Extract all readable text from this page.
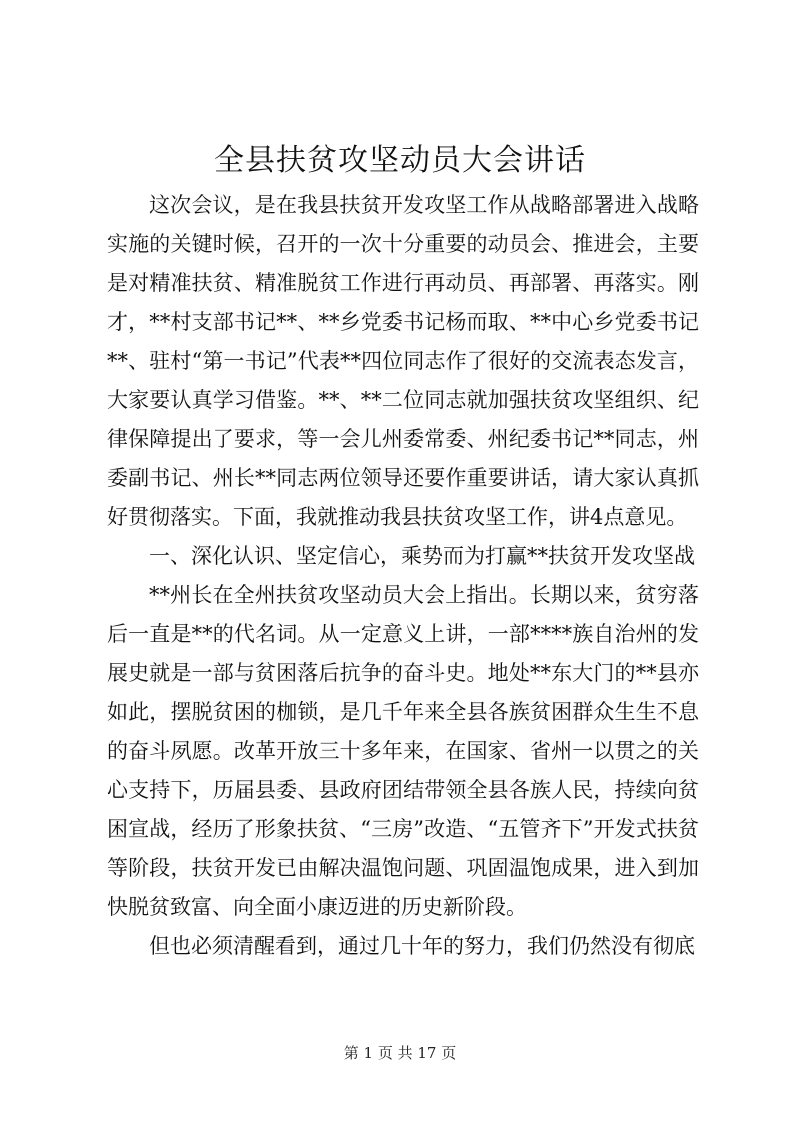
全县扶贫攻坚动员大会讲话

这次会议，是在我县扶贫开发攻坚工作从战略部署进入战略实施的关键时候，召开的一次十分重要的动员会、推进会，主要是对精准扶贫、精准脱贫工作进行再动员、再部署、再落实。刚才，**村支部书记**、**乡党委书记杨而取、**中心乡党委书记**、驻村“第一书记”代表**四位同志作了很好的交流表态发言，大家要认真学习借鉴。**、**二位同志就加强扶贫攻坚组织、纪律保障提出了要求，等一会儿州委常委、州纪委书记**同志，州委副书记、州长**同志两位领导还要作重要讲话，请大家认真抓好贯彻落实。下面，我就推动我县扶贫攻坚工作，讲4点意见。

一、深化认识、坚定信心，乘势而为打赢**扶贫开发攻坚战

**州长在全州扶贫攻坚动员大会上指出。长期以来，贫穷落后一直是**的代名词。从一定意义上讲，一部****族自治州的发展史就是一部与贫困落后抗争的奋斗史。地处**东大门的**县亦如此，摆脱贫困的枷锁，是几千年来全县各族贫困群众生生不息的奋斗夙愿。改革开放三十多年来，在国家、省州一以贯之的关心支持下，历届县委、县政府团结带领全县各族人民，持续向贫困宣战，经历了形象扶贫、“三房”改造、“五管齐下”开发式扶贫等阶段，扶贫开发已由解决温饱问题、巩固温饱成果，进入到加快脱贫致富、向全面小康迈进的历史新阶段。

但也必须清醒看到，通过几十年的努力，我们仍然没有彻底

第 1 页 共 17 页
